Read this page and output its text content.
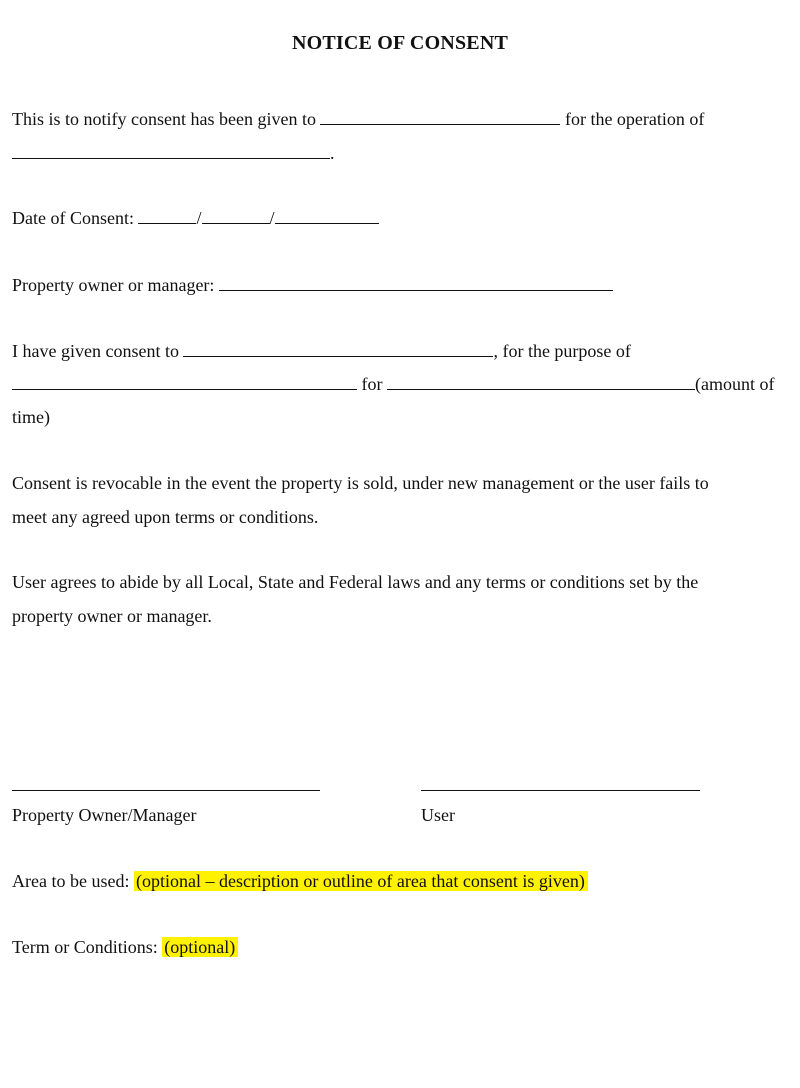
NOTICE OF CONSENT
This is to notify consent has been given to	for the operation of
.
Date of Consent:	/	/
Property owner or manager:
I have given consent to	, for the purpose of
for	(amount of
time)
Consent is revocable in the event the property is sold, under new management or the user fails to
meet any agreed upon terms or conditions.
User agrees to abide by all Local, State and Federal laws and any terms or conditions set by the
property owner or manager.
Property Owner/Manager	User
Area to be used: (optional – description or outline of area that consent is given)
Term or Conditions: (optional)
